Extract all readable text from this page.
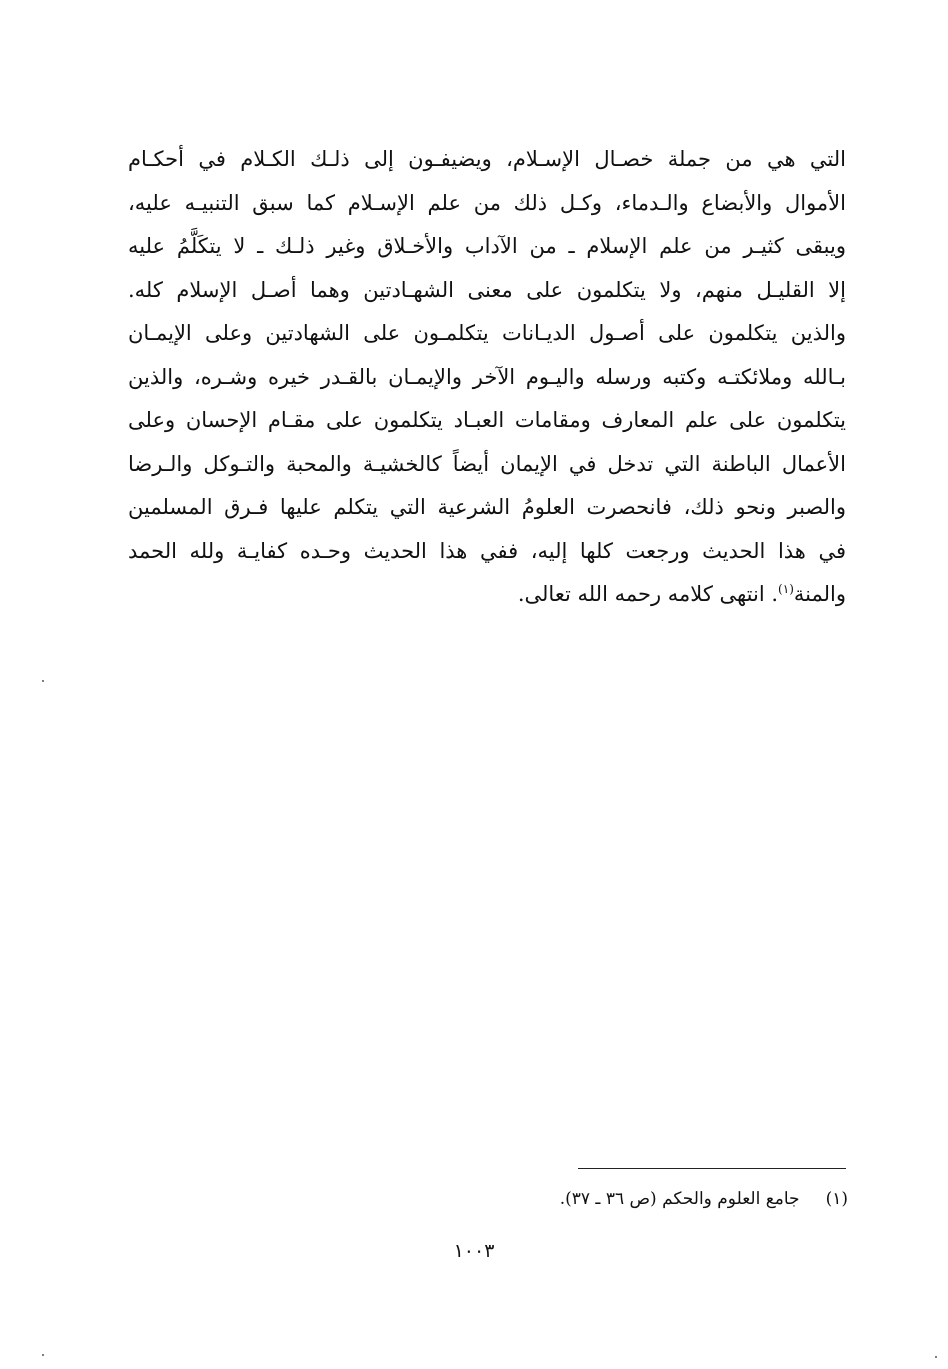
التي هي من جملة خصـال الإسـلام، ويضيفـون إلى ذلـك الكـلام في أحكـام
الأموال والأبضاع والـدماء، وكـل ذلك من علم الإسـلام كما سبق التنبيـه عليه،
ويبقى كثيـر من علم الإسلام ـ من الآداب والأخـلاق وغير ذلـك ـ لا يتكَلَّمُ عليه
إلا القليـل منهم، ولا يتكلمون على معنى الشهـادتين وهما أصـل الإسلام كله.
والذين يتكلمون على أصـول الديـانات يتكلمـون على الشهادتين وعلى الإيمـان
بـالله وملائكتـه وكتبه ورسله واليـوم الآخر والإيمـان بالقـدر خيره وشـره، والذين
يتكلمون على علم المعارف ومقامات العبـاد يتكلمون على مقـام الإحسان وعلى
الأعمال الباطنة التي تدخل في الإيمان أيضاً كالخشيـة والمحبة والتـوكل والـرضا
والصبر ونحو ذلك، فانحصرت العلومُ الشرعية التي يتكلم عليها فـرق المسلمين
في هذا الحديث ورجعت كلها إليه، ففي هذا الحديث وحـده كفايـة ولله الحمد
والمنة$^{(١)}$. انتهى كلامه رحمه الله تعالى.
(١)جامع العلوم والحكم (ص ٣٦ ـ ٣٧).
١٠٠٣
